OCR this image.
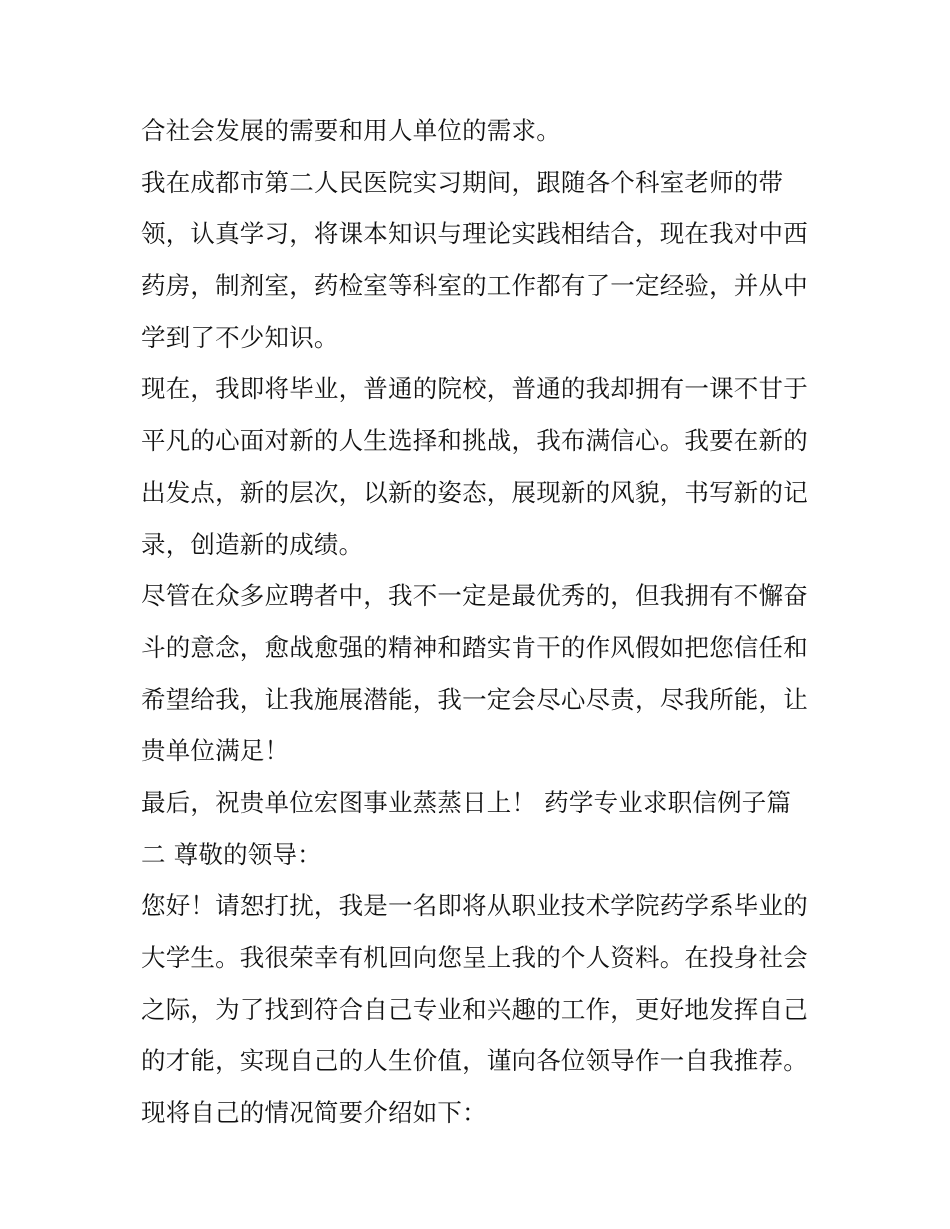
合社会发展的需要和用人单位的需求。
我在成都市第二人民医院实习期间，跟随各个科室老师的带
领，认真学习，将课本知识与理论实践相结合，现在我对中西
药房，制剂室，药检室等科室的工作都有了一定经验，并从中
学到了不少知识。
现在，我即将毕业，普通的院校，普通的我却拥有一课不甘于
平凡的心面对新的人生选择和挑战，我布满信心。我要在新的
出发点，新的层次，以新的姿态，展现新的风貌，书写新的记
录，创造新的成绩。
尽管在众多应聘者中，我不一定是最优秀的，但我拥有不懈奋
斗的意念，愈战愈强的精神和踏实肯干的作风假如把您信任和
希望给我，让我施展潜能，我一定会尽心尽责，尽我所能，让
贵单位满足！
最后，祝贵单位宏图事业蒸蒸日上！ 药学专业求职信例子篇
二 尊敬的领导：
您好！请恕打扰，我是一名即将从职业技术学院药学系毕业的
大学生。我很荣幸有机回向您呈上我的个人资料。在投身社会
之际，为了找到符合自己专业和兴趣的工作，更好地发挥自己
的才能，实现自己的人生价值，谨向各位领导作一自我推荐。
现将自己的情况简要介绍如下：
